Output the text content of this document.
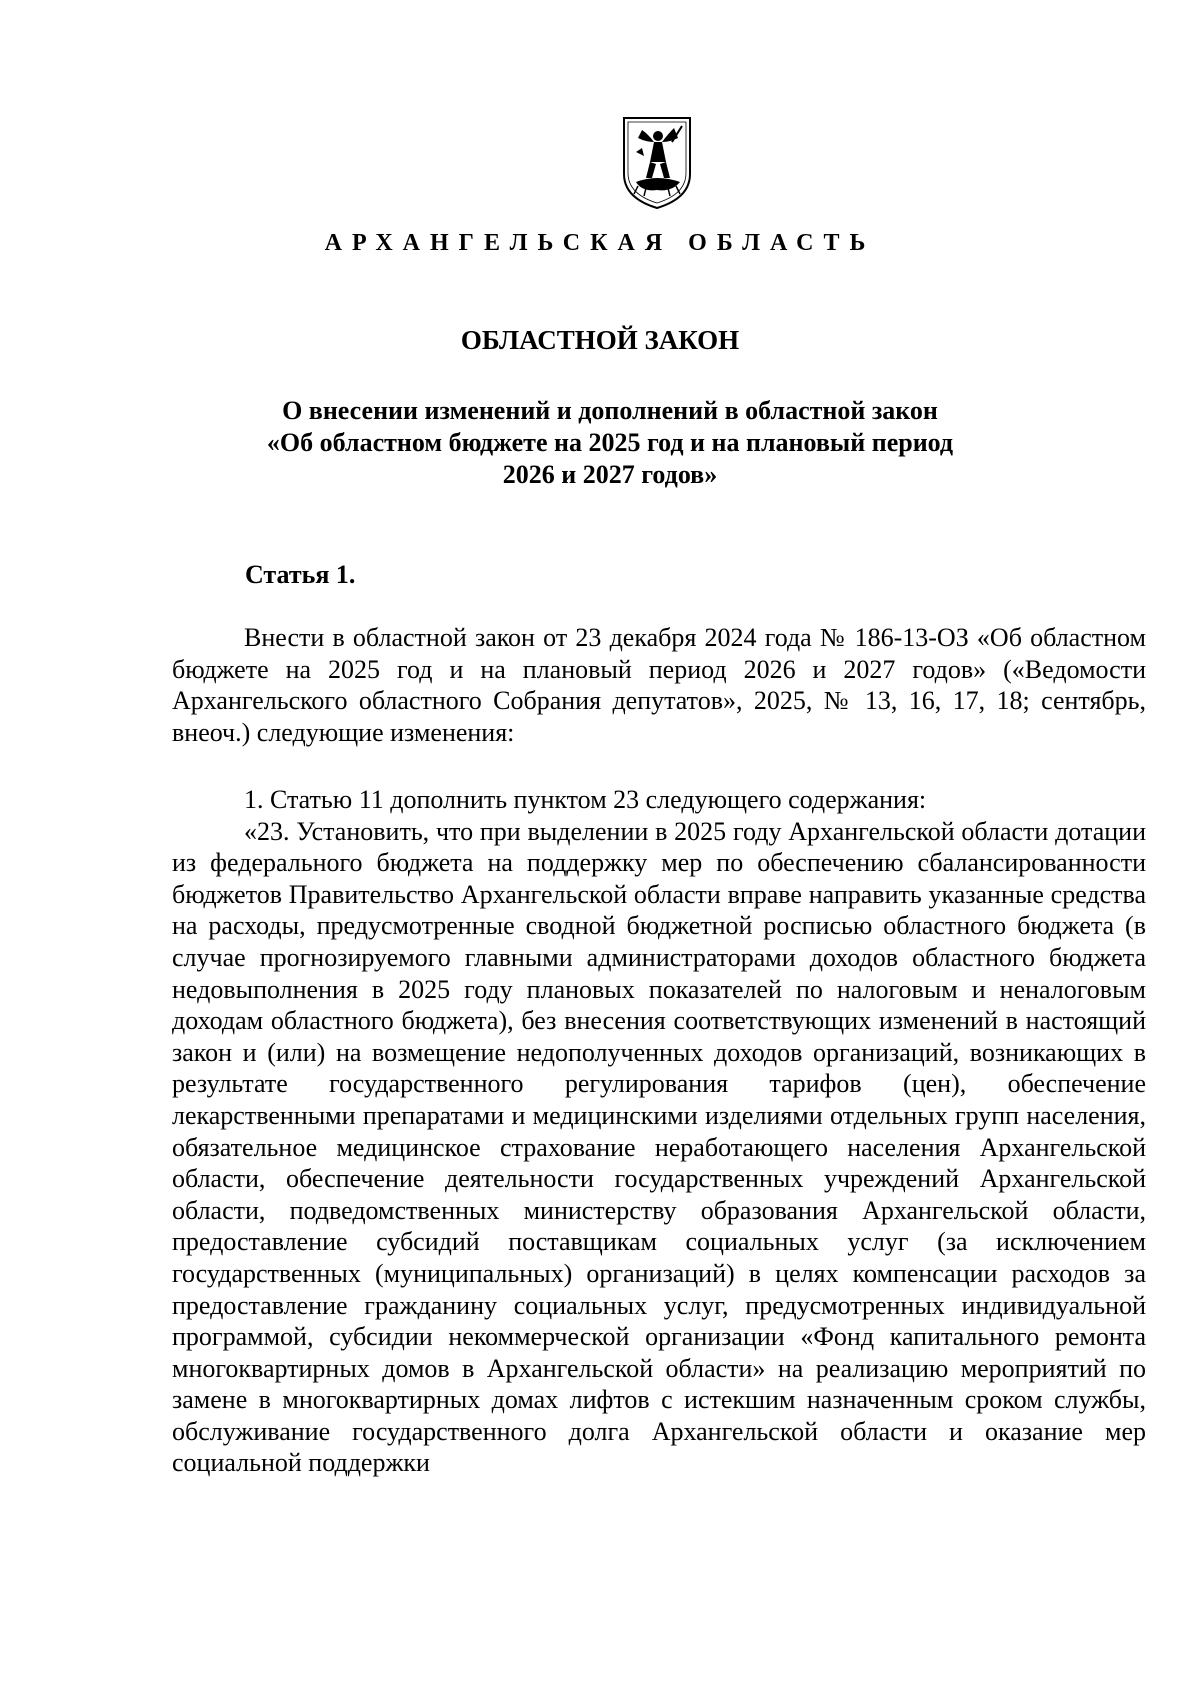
АРХАНГЕЛЬСКАЯ ОБЛАСТЬ
ОБЛАСТНОЙ ЗАКОН
О внесении изменений и дополнений в областной закон
«Об областном бюджете на 2025 год и на плановый период
2026 и 2027 годов»
Статья 1.

Внести в областной закон от 23 декабря 2024 года № 186-13-ОЗ «Об областном бюджете на 2025 год и на плановый период 2026 и 2027 годов» («Ведомости Архангельского областного Собрания депутатов», 2025, № 13, 16, 17, 18; сентябрь, внеоч.) следующие изменения:

1. Статью 11 дополнить пунктом 23 следующего содержания:

«23. Установить, что при выделении в 2025 году Архангельской области дотации из федерального бюджета на поддержку мер по обеспечению сбалансированности бюджетов Правительство Архангельской области вправе направить указанные средства на расходы, предусмотренные сводной бюджетной росписью областного бюджета (в случае прогнозируемого главными администраторами доходов областного бюджета недовыполнения в 2025 году плановых показателей по налоговым и неналоговым доходам областного бюджета), без внесения соответствующих изменений в настоящий закон и (или) на возмещение недополученных доходов организаций, возникающих в результате государственного регулирования тарифов (цен), обеспечение лекарственными препаратами и медицинскими изделиями отдельных групп населения, обязательное медицинское страхование неработающего населения Архангельской области, обеспечение деятельности государственных учреждений Архангельской области, подведомственных министерству образования Архангельской области, предоставление субсидий поставщикам социальных услуг (за исключением государственных (муниципальных) организаций) в целях компенсации расходов за предоставление гражданину социальных услуг, предусмотренных индивидуальной программой, субсидии некоммерческой организации «Фонд капитального ремонта многоквартирных домов в Архангельской области» на реализацию мероприятий по замене в многоквартирных домах лифтов с истекшим назначенным сроком службы, обслуживание государственного долга Архангельской области и оказание мер социальной поддержки
